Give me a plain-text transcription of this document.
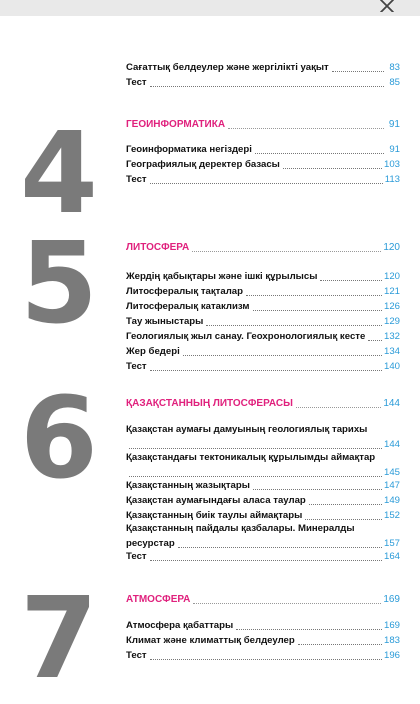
Сағаттық белдеулер және жергілікті уақыт	83
Тест	85
4	ГЕОИНФОРМАТИКА	91
Геоинформатика негіздері	91
Географиялық деректер базасы	103
Тест	113
5	ЛИТОСФЕРА	120
Жердің қабықтары және ішкі құрылысы	120
Литосфералық тақталар	121
Литосфералық катаклизм	126
Тау жыныстары	129
Геологиялық жыл санау. Геохронологиялық кесте 132
Жер бедері	134
Тест	140
6	ҚАЗАҚСТАННЫҢ ЛИТОСФЕРАСЫ	144
Қазақстан аумағы дамуының геологиялық тарихы
144
Қазақстандағы тектоникалық құрылымды аймақтар
145
Қазақстанның жазықтары	147
Қазақстан аумағындағы аласа таулар	149
Қазақстанның биік таулы аймақтары	152
Қазақстанның пайдалы қазбалары. Минералды
ресурстар	157
Тест	164
7	АТМОСФЕРА	169
Атмосфера қабаттары	169
Климат және климаттық белдеулер	183
Тест	196
